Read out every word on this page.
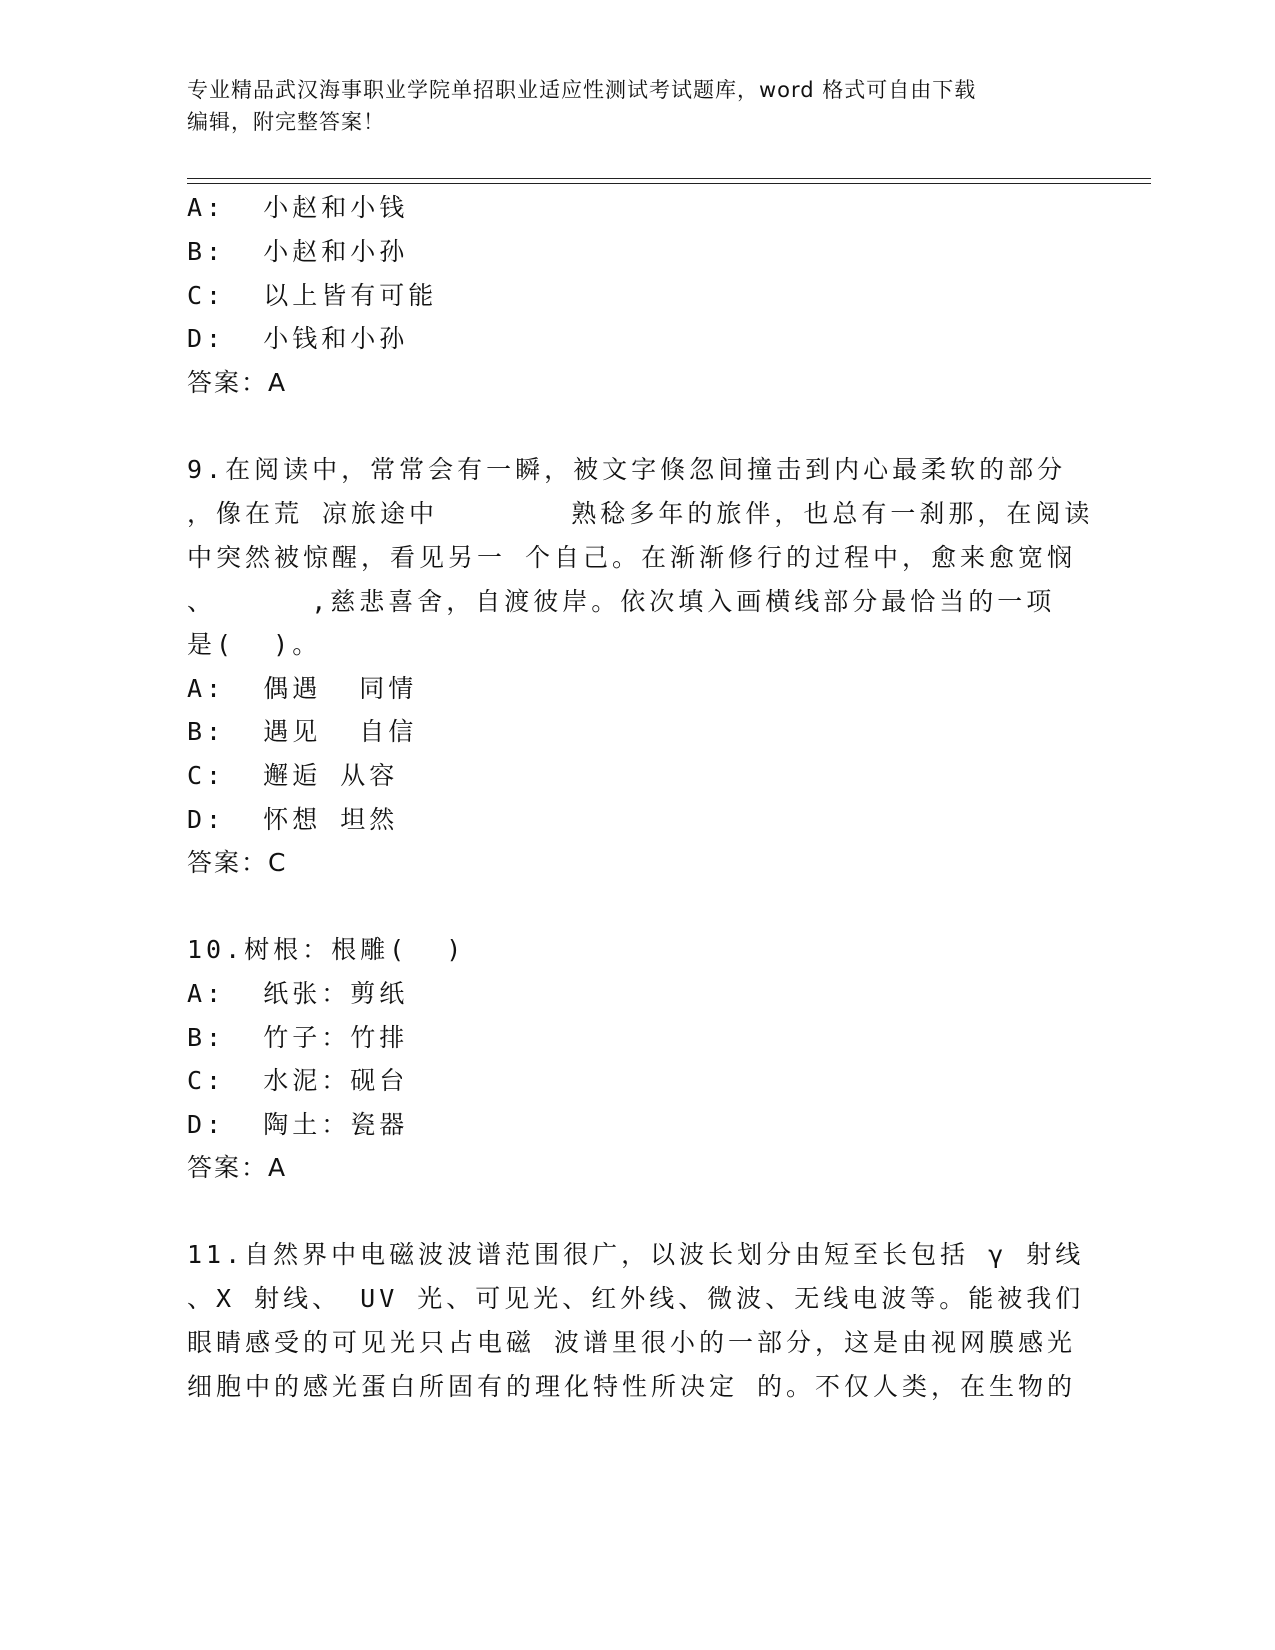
专业精品武汉海事职业学院单招职业适应性测试考试题库，word 格式可自由下载
编辑，附完整答案！
A:  小赵和小钱
B:  小赵和小孙
C:  以上皆有可能
D:  小钱和小孙
答案：A
9.在阅读中，常常会有一瞬，被文字倏忽间撞击到内心最柔软的部分
，像在荒 凉旅途中       熟稔多年的旅伴，也总有一刹那，在阅读
中突然被惊醒，看见另一 个自己。在渐渐修行的过程中，愈来愈宽悯
、     ,慈悲喜舍，自渡彼岸。依次填入画横线部分最恰当的一项
是(  )。
A:  偶遇  同情
B:  遇见  自信
C:  邂逅 从容
D:  怀想 坦然
答案：C
10.树根：根雕(  )
A:  纸张：剪纸
B:  竹子：竹排
C:  水泥：砚台
D:  陶土：瓷器
答案：A
11.自然界中电磁波波谱范围很广，以波长划分由短至长包括 γ 射线
、X 射线、 UV 光、可见光、红外线、微波、无线电波等。能被我们
眼睛感受的可见光只占电磁 波谱里很小的一部分，这是由视网膜感光
细胞中的感光蛋白所固有的理化特性所决定 的。不仅人类，在生物的
